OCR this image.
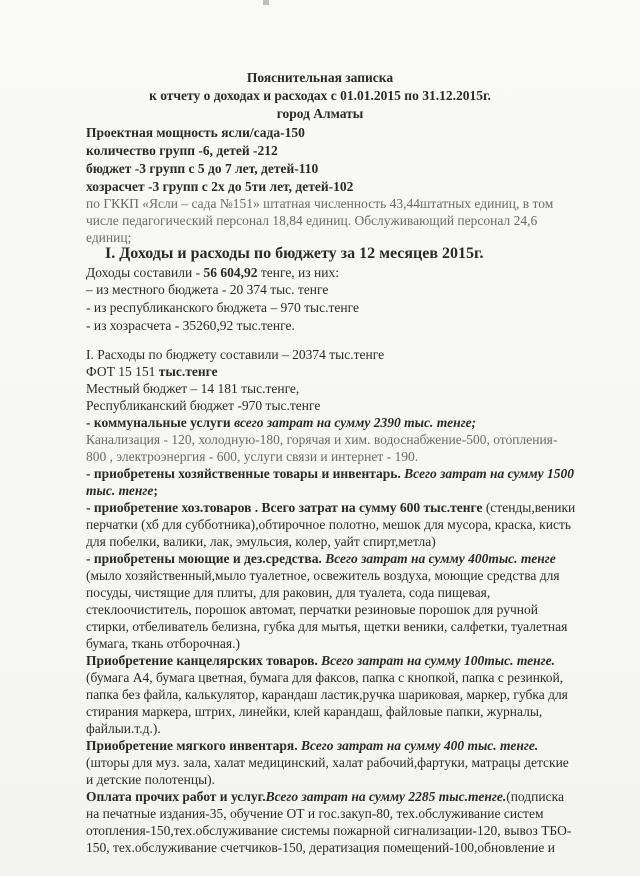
Пояснительная записка
к отчету о доходах и расходах с 01.01.2015 по 31.12.2015г.
город Алматы
Проектная мощность ясли/сада-150
количество групп -6, детей -212
бюджет -3 групп с 5 до 7 лет, детей-110
хозрасчет -3 групп с 2х до 5ти лет, детей-102
по ГККП «Ясли – сада №151» штатная численность 43,44штатных единиц, в том
числе педагогический персонал 18,84 единиц. Обслуживающий персонал 24,6
единиц;
I. Доходы и расходы по бюджету за 12 месяцев 2015г.
Доходы составили - 56 604,92 тенге, из них:
– из местного бюджета - 20 374 тыс. тенге
- из республиканского бюджета – 970 тыс.тенге
- из хозрасчета - 35260,92 тыс.тенге.
I. Расходы по бюджету составили – 20374 тыс.тенге
ФОТ 15 151 тыс.тенге
Местный бюджет – 14 181 тыс.тенге,
Республиканский бюджет -970 тыс.тенге
- коммунальные услуги всего затрат на сумму 2390 тыс. тенге;
Канализация - 120, холодную-180, горячая и хим. водоснабжение-500, отопления-
800 , электроэнергия - 600, услуги связи и интернет - 190.
- приобретены хозяйственные товары и инвентарь. Всего затрат на сумму 1500
тыс. тенге;
- приобретение хоз.товаров . Всего затрат на сумму 600 тыс.тенге (стенды,веники
перчатки (хб для субботника),обтирочное полотно, мешок для мусора, краска, кисть
для побелки, валики, лак, эмульсия, колер, уайт спирт,метла)
- приобретены моющие и дез.средства. Всего затрат на сумму 400тыс. тенге
(мыло хозяйственный,мыло туалетное, освежитель воздуха, моющие средства для
посуды, чистящие для плиты, для раковин, для туалета, сода пищевая,
стеклоочиститель, порошок автомат, перчатки резиновые порошок для ручной
стирки, отбеливатель белизна, губка для мытья, щетки веники, салфетки, туалетная
бумага, ткань отборочная.)
Приобретение канцелярских товаров. Всего затрат на сумму 100тыс. тенге.
(бумага А4, бумага цветная, бумага для факсов, папка с кнопкой, папка с резинкой,
папка без файла, калькулятор, карандаш ластик,ручка шариковая, маркер, губка для
стирания маркера, штрих, линейки, клей карандаш, файловые папки, журналы,
файлыи.т.д.).
Приобретение мягкого инвентаря. Всего затрат на сумму 400 тыс. тенге.
(шторы для муз. зала, халат медицинский, халат рабочий,фартуки, матрацы детские
и детские полотенцы).
Оплата прочих работ и услуг.Всего затрат на сумму 2285 тыс.тенге.(подписка
на печатные издания-35, обучение ОТ и гос.закуп-80, тех.обслуживание систем
отопления-150,тех.обслуживание системы пожарной сигнализации-120, вывоз ТБО-
150, тех.обслуживание счетчиков-150, дератизация помещений-100,обновление и
